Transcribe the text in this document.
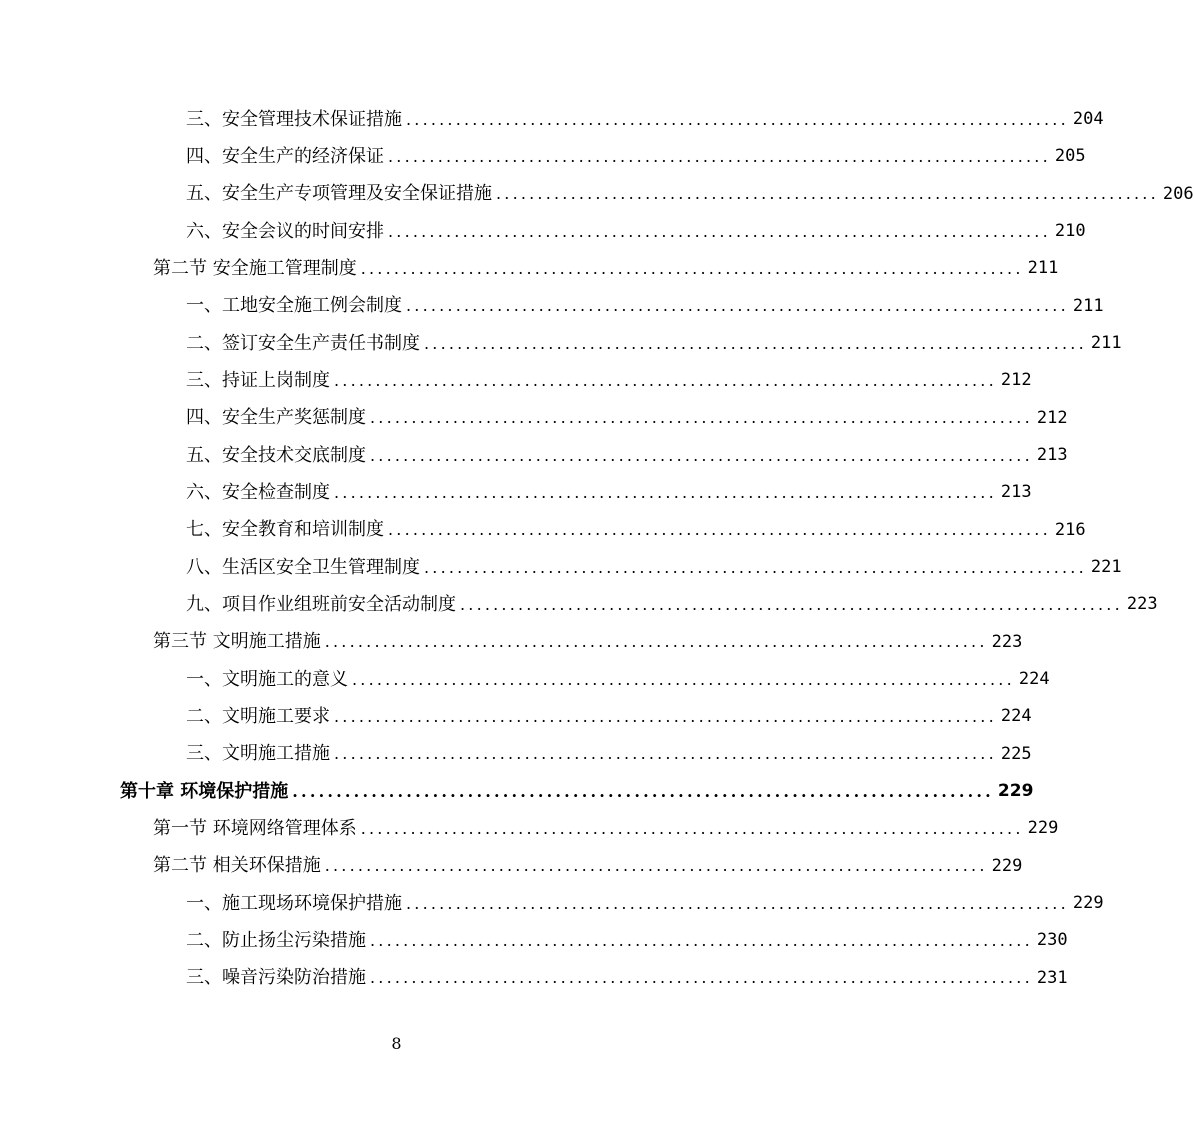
三、安全管理技术保证措施 ................................................................................ 204
四、安全生产的经济保证 ................................................................................ 205
五、安全生产专项管理及安全保证措施 ................................................................................ 206
六、安全会议的时间安排 ................................................................................ 210
第二节 安全施工管理制度 ................................................................................ 211
一、工地安全施工例会制度 ................................................................................ 211
二、签订安全生产责任书制度 ................................................................................ 211
三、持证上岗制度 ................................................................................ 212
四、安全生产奖惩制度 ................................................................................ 212
五、安全技术交底制度 ................................................................................ 213
六、安全检查制度 ................................................................................ 213
七、安全教育和培训制度 ................................................................................ 216
八、生活区安全卫生管理制度 ................................................................................ 221
九、项目作业组班前安全活动制度 ................................................................................ 223
第三节 文明施工措施 ................................................................................ 223
一、文明施工的意义 ................................................................................ 224
二、文明施工要求 ................................................................................ 224
三、文明施工措施 ................................................................................ 225
第十章 环境保护措施 ................................................................................ 229
第一节 环境网络管理体系 ................................................................................ 229
第二节 相关环保措施 ................................................................................ 229
一、施工现场环境保护措施 ................................................................................ 229
二、防止扬尘污染措施 ................................................................................ 230
三、噪音污染防治措施 ................................................................................ 231
8
